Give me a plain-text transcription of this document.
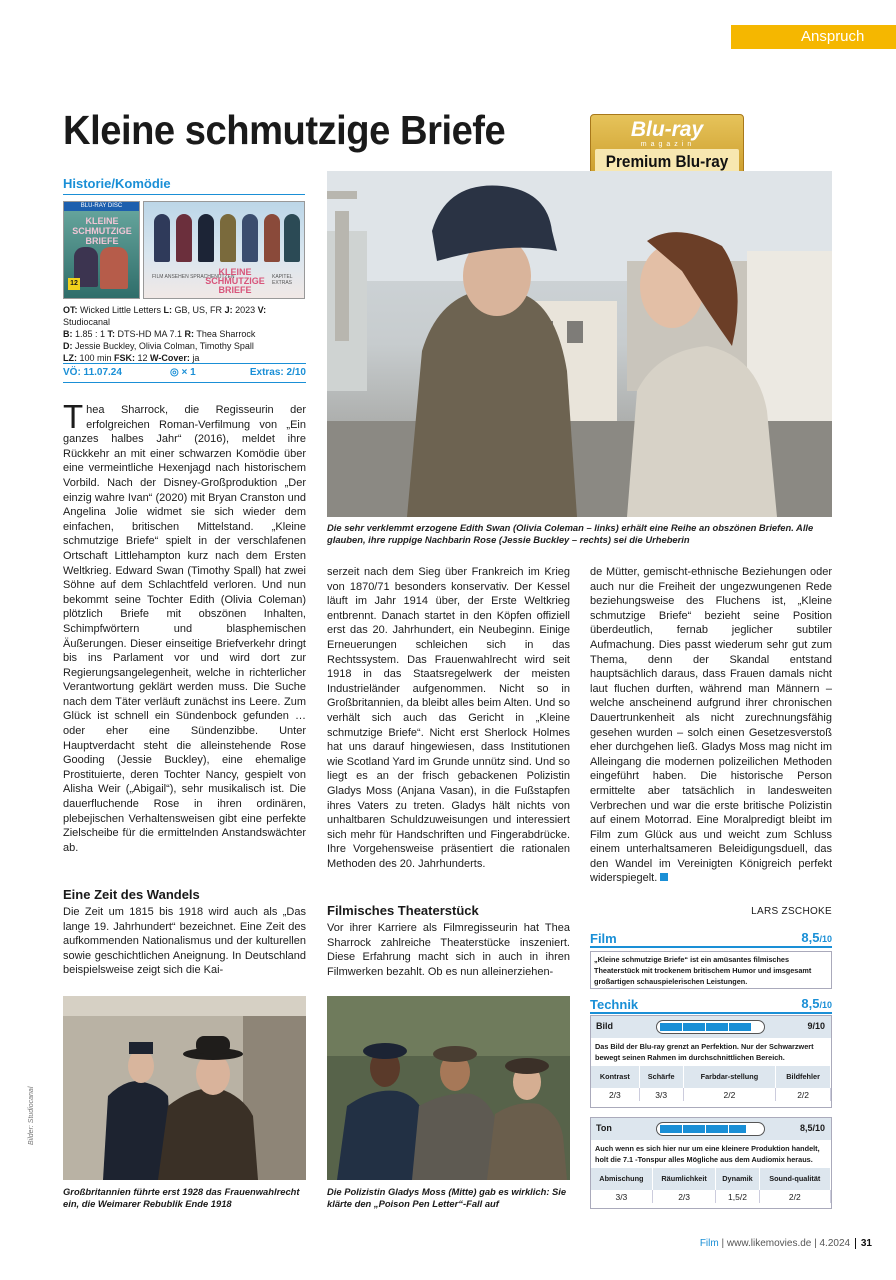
Anspruch
Kleine schmutzige Briefe	Blu-ray
magazin
Premium Blu-ray
Historie/Komödie
BLU-RAY DISC
KLEINE SCHMUTZIGE BRIEFE
12
FILM ANSEHEN SPRACHENUTZEN
KLEINE SCHMUTZIGE BRIEFE
KAPITEL EXTRAS
OT: Wicked Little Letters L: GB, US, FR J: 2023 V: Studiocanal
B: 1.85 : 1 T: DTS-HD MA 7.1 R: Thea Sharrock
D: Jessie Buckley, Olivia Colman, Timothy Spall
LZ: 100 min FSK: 12 W-Cover: ja
VÖ: 11.07.24	◎ × 1	Extras: 2/10
Thea Sharrock, die Regisseurin der erfolgreichen Roman-Verfilmung von „Ein ganzes halbes Jahr“ (2016), meldet ihre Rückkehr an mit einer schwarzen Komödie über eine vermeintliche Hexenjagd nach historischem Vorbild. Nach der Disney-Großproduktion „Der einzig wahre Ivan“ (2020) mit Bryan Cranston und Angelina Jolie widmet sie sich wieder dem einfachen, britischen Mittelstand. „Kleine schmutzige Briefe“ spielt in der verschlafenen Ortschaft Littlehampton kurz nach dem Ersten Weltkrieg. Edward Swan (Timothy Spall) hat zwei Söhne auf dem Schlachtfeld verloren. Und nun bekommt seine Tochter Edith (Olivia Coleman) plötzlich Briefe mit obszönen Inhalten, Schimpfwörtern und blasphemischen Äußerungen. Dieser einseitige Briefverkehr dringt bis ins Parlament vor und wird dort zur Regierungsangelegenheit, welche in richterlicher Verantwortung geklärt werden muss. Die Suche nach dem Täter verläuft zunächst ins Leere. Zum Glück ist schnell ein Sündenbock gefunden … oder eher eine Sündenzibbe. Unter Hauptverdacht steht die alleinstehende Rose Gooding (Jessie Buckley), eine ehemalige Prostituierte, deren Tochter Nancy, gespielt von Alisha Weir („Abigail“), sehr musikalisch ist. Die dauerfluchende Rose in ihren ordinären, plebejischen Verhaltensweisen gibt eine perfekte Zielscheibe für die ermittelnden Anstandswächter ab.
Eine Zeit des Wandels
Die Zeit um 1815 bis 1918 wird auch als „Das lange 19. Jahrhundert“ bezeichnet. Eine Zeit des aufkommenden Nationalismus und der kulturellen sowie geschichtlichen Aneignung. In Deutschland beispielsweise zeigt sich die Kai-
serzeit nach dem Sieg über Frankreich im Krieg von 1870/71 besonders konservativ. Der Kessel läuft im Jahr 1914 über, der Erste Weltkrieg entbrennt. Danach startet in den Köpfen offiziell erst das 20. Jahrhundert, ein Neubeginn. Einige Erneuerungen schleichen sich in das Rechtssystem. Das Frauenwahlrecht wird seit 1918 in das Staatsregelwerk der meisten Industrieländer aufgenommen. Nicht so in Großbritannien, da bleibt alles beim Alten. Und so verhält sich auch das Gericht in „Kleine schmutzige Briefe“. Nicht erst Sherlock Holmes hat uns darauf hingewiesen, dass Institutionen wie Scotland Yard im Grunde unnütz sind. Und so liegt es an der frisch gebackenen Polizistin Gladys Moss (Anjana Vasan), in die Fußstapfen ihres Vaters zu treten. Gladys hält nichts von unhaltbaren Schuldzuweisungen und interessiert sich mehr für Handschriften und Fingerabdrücke. Ihre Vorgehensweise präsentiert die rationalen Methoden des 20. Jahrhunderts.
Filmisches Theaterstück
Vor ihrer Karriere als Filmregisseurin hat Thea Sharrock zahlreiche Theaterstücke inszeniert. Diese Erfahrung macht sich in auch in ihren Filmwerken bezahlt. Ob es nun alleinerziehen-
de Mütter, gemischt-ethnische Beziehungen oder auch nur die Freiheit der ungezwungenen Rede beziehungsweise des Fluchens ist, „Kleine schmutzige Briefe“ bezieht seine Position überdeutlich, fernab jeglicher subtiler Aufmachung. Dies passt wiederum sehr gut zum Thema, denn der Skandal entstand hauptsächlich daraus, dass Frauen damals nicht laut fluchen durften, während man Männern – welche anscheinend aufgrund ihrer chronischen Dauertrunkenheit als nicht zurechnungsfähig gesehen wurden – solch einen Gesetzesverstoß eher durchgehen ließ. Gladys Moss mag nicht im Alleingang die modernen polizeilichen Methoden eingeführt haben. Die historische Person ermittelte aber tatsächlich in landesweiten Verbrechen und war die erste britische Polizistin auf einem Motorrad. Eine Moralpredigt bleibt im Film zum Glück aus und weicht zum Schluss einem unterhaltsameren Beleidigungsduell, das den Wandel im Vereinigten Königreich perfekt widerspiegelt.
LARS ZSCHOKE
Die sehr verklemmt erzogene Edith Swan (Olivia Coleman – links) erhält eine Reihe an obszönen Briefen. Alle glauben, ihre ruppige Nachbarin Rose (Jessie Buckley – rechts) sei die Urheberin
Großbritannien führte erst 1928 das Frauenwahlrecht ein, die Weimarer Rebublik Ende 1918
Die Polizistin Gladys Moss (Mitte) gab es wirklich: Sie klärte den „Poison Pen Letter“-Fall auf
Bilder: Studiocanal
Film	8,5/10
„Kleine schmutzige Briefe“ ist ein amüsantes filmisches Theaterstück mit trockenem britischem Humor und imsgesamt großartigen schauspielerischen Leistungen.
Technik	8,5/10
Bild	9/10
Das Bild der Blu-ray grenzt an Perfektion. Nur der Schwarzwert bewegt seinen Rahmen im durchschnittlichen Bereich.
Kontrast	Schärfe	Farbdar-stellung	Bildfehler
2/3	3/3	2/2	2/2
Ton	8,5/10
Auch wenn es sich hier nur um eine kleinere Produktion handelt, holt die 7.1 -Tonspur alles Mögliche aus dem Audiomix heraus.
Abmischung	Räumlichkeit	Dynamik	Sound-qualität
3/3	2/3	1,5/2	2/2
Film | www.likemovies.de | 4.2024 31
